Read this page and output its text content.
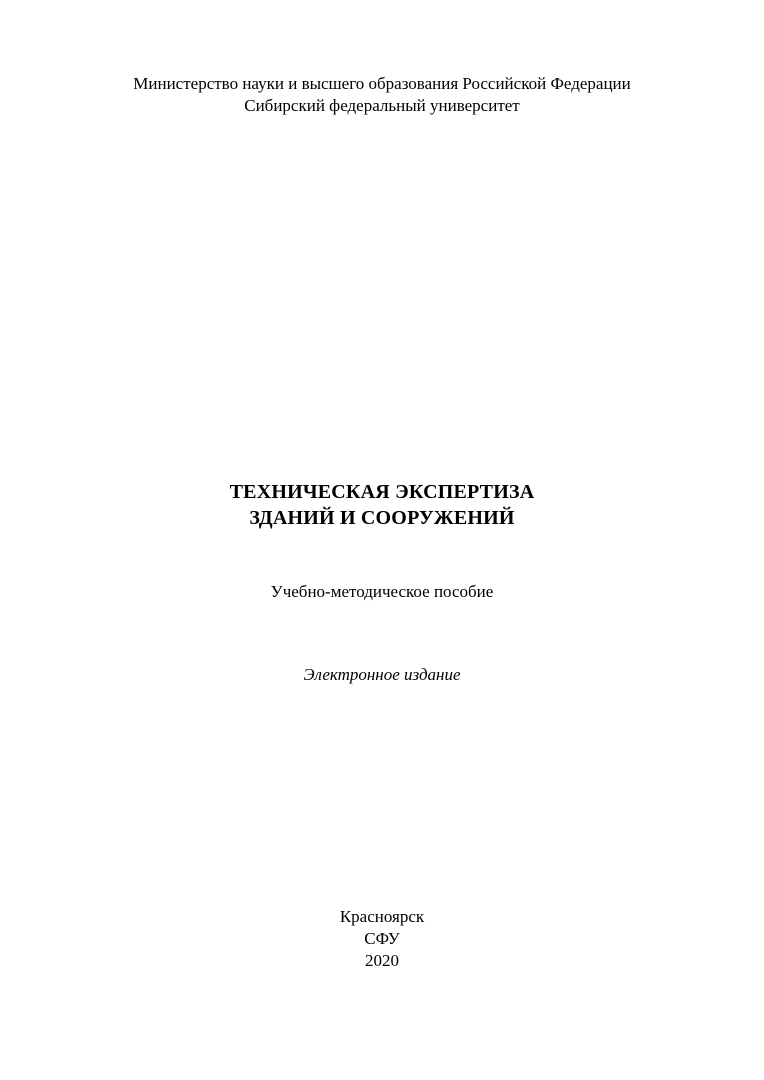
Министерство науки и высшего образования Российской Федерации
Сибирский федеральный университет
ТЕХНИЧЕСКАЯ ЭКСПЕРТИЗА
ЗДАНИЙ И СООРУЖЕНИЙ
Учебно-методическое пособие
Электронное издание
Красноярск
СФУ
2020
